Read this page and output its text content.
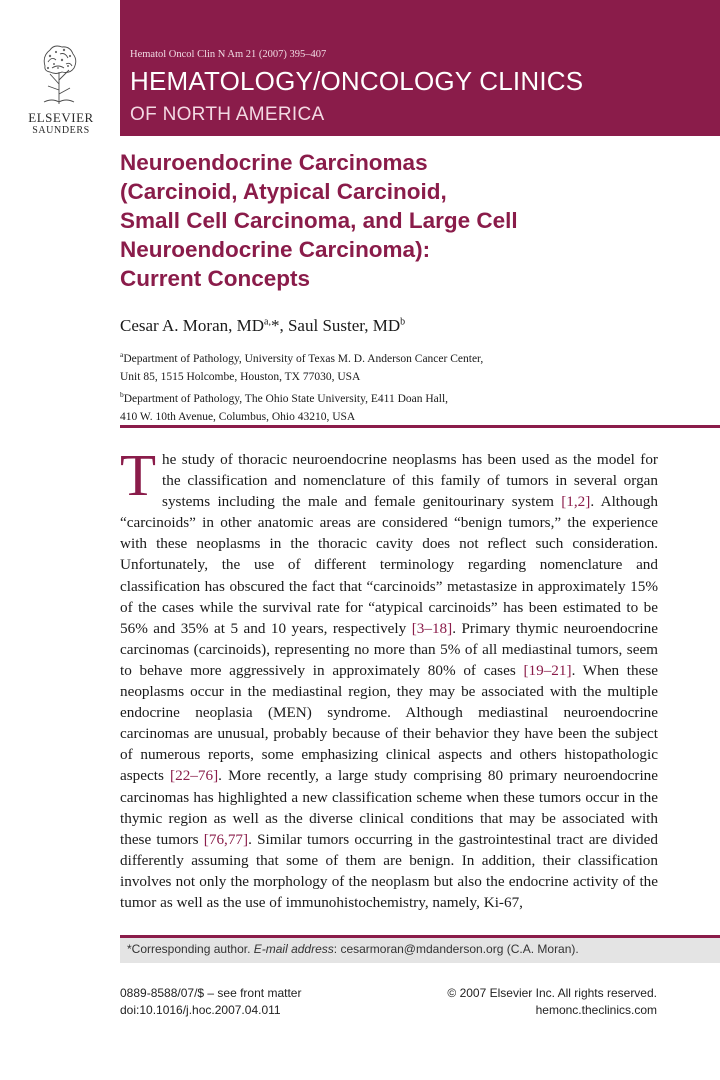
ELSEVIER
SAUNDERS
Hematol Oncol Clin N Am 21 (2007) 395–407
HEMATOLOGY/ONCOLOGY CLINICS
OF NORTH AMERICA
Neuroendocrine Carcinomas
(Carcinoid, Atypical Carcinoid,
Small Cell Carcinoma, and Large Cell
Neuroendocrine Carcinoma):
Current Concepts
Cesar A. Moran, $MD^{a,}*$, Saul Suster, $MD^b$
$^a$Department of Pathology, University of Texas M. D. Anderson Cancer Center,
Unit 85, 1515 Holcombe, Houston, TX 77030, USA
$^b$Department of Pathology, The Ohio State University, E411 Doan Hall,
410 W. 10th Avenue, Columbus, Ohio 43210, USA
The study of thoracic neuroendocrine neoplasms has been used as the model for the classification and nomenclature of this family of tumors in several organ systems including the male and female genitourinary system [1,2]. Although “carcinoids” in other anatomic areas are considered “benign tumors,” the experience with these neoplasms in the thoracic cavity does not reflect such consideration. Unfortunately, the use of different terminology regarding nomenclature and classification has obscured the fact that “carcinoids” metastasize in approximately 15% of the cases while the survival rate for “atypical carcinoids” has been estimated to be 56% and 35% at 5 and 10 years, respectively [3–18]. Primary thymic neuroendocrine carcinomas (carcinoids), representing no more than 5% of all mediastinal tumors, seem to behave more aggressively in approximately 80% of cases [19–21]. When these neoplasms occur in the mediastinal region, they may be associated with the multiple endocrine neoplasia (MEN) syndrome. Although mediastinal neuroendocrine carcinomas are unusual, probably because of their behavior they have been the subject of numerous reports, some emphasizing clinical aspects and others histopathologic aspects [22–76]. More recently, a large study comprising 80 primary neuroendocrine carcinomas has highlighted a new classification scheme when these tumors occur in the thymic region as well as the diverse clinical conditions that may be associated with these tumors [76,77]. Similar tumors occurring in the gastrointestinal tract are divided differently assuming that some of them are benign. In addition, their classification involves not only the morphology of the neoplasm but also the endocrine activity of the tumor as well as the use of immunohistochemistry, namely, Ki-67,
*Corresponding author. E-mail address: cesarmoran@mdanderson.org (C.A. Moran).
0889-8588/07/$ – see front matter
doi:10.1016/j.hoc.2007.04.011
© 2007 Elsevier Inc. All rights reserved.
hemonc.theclinics.com
